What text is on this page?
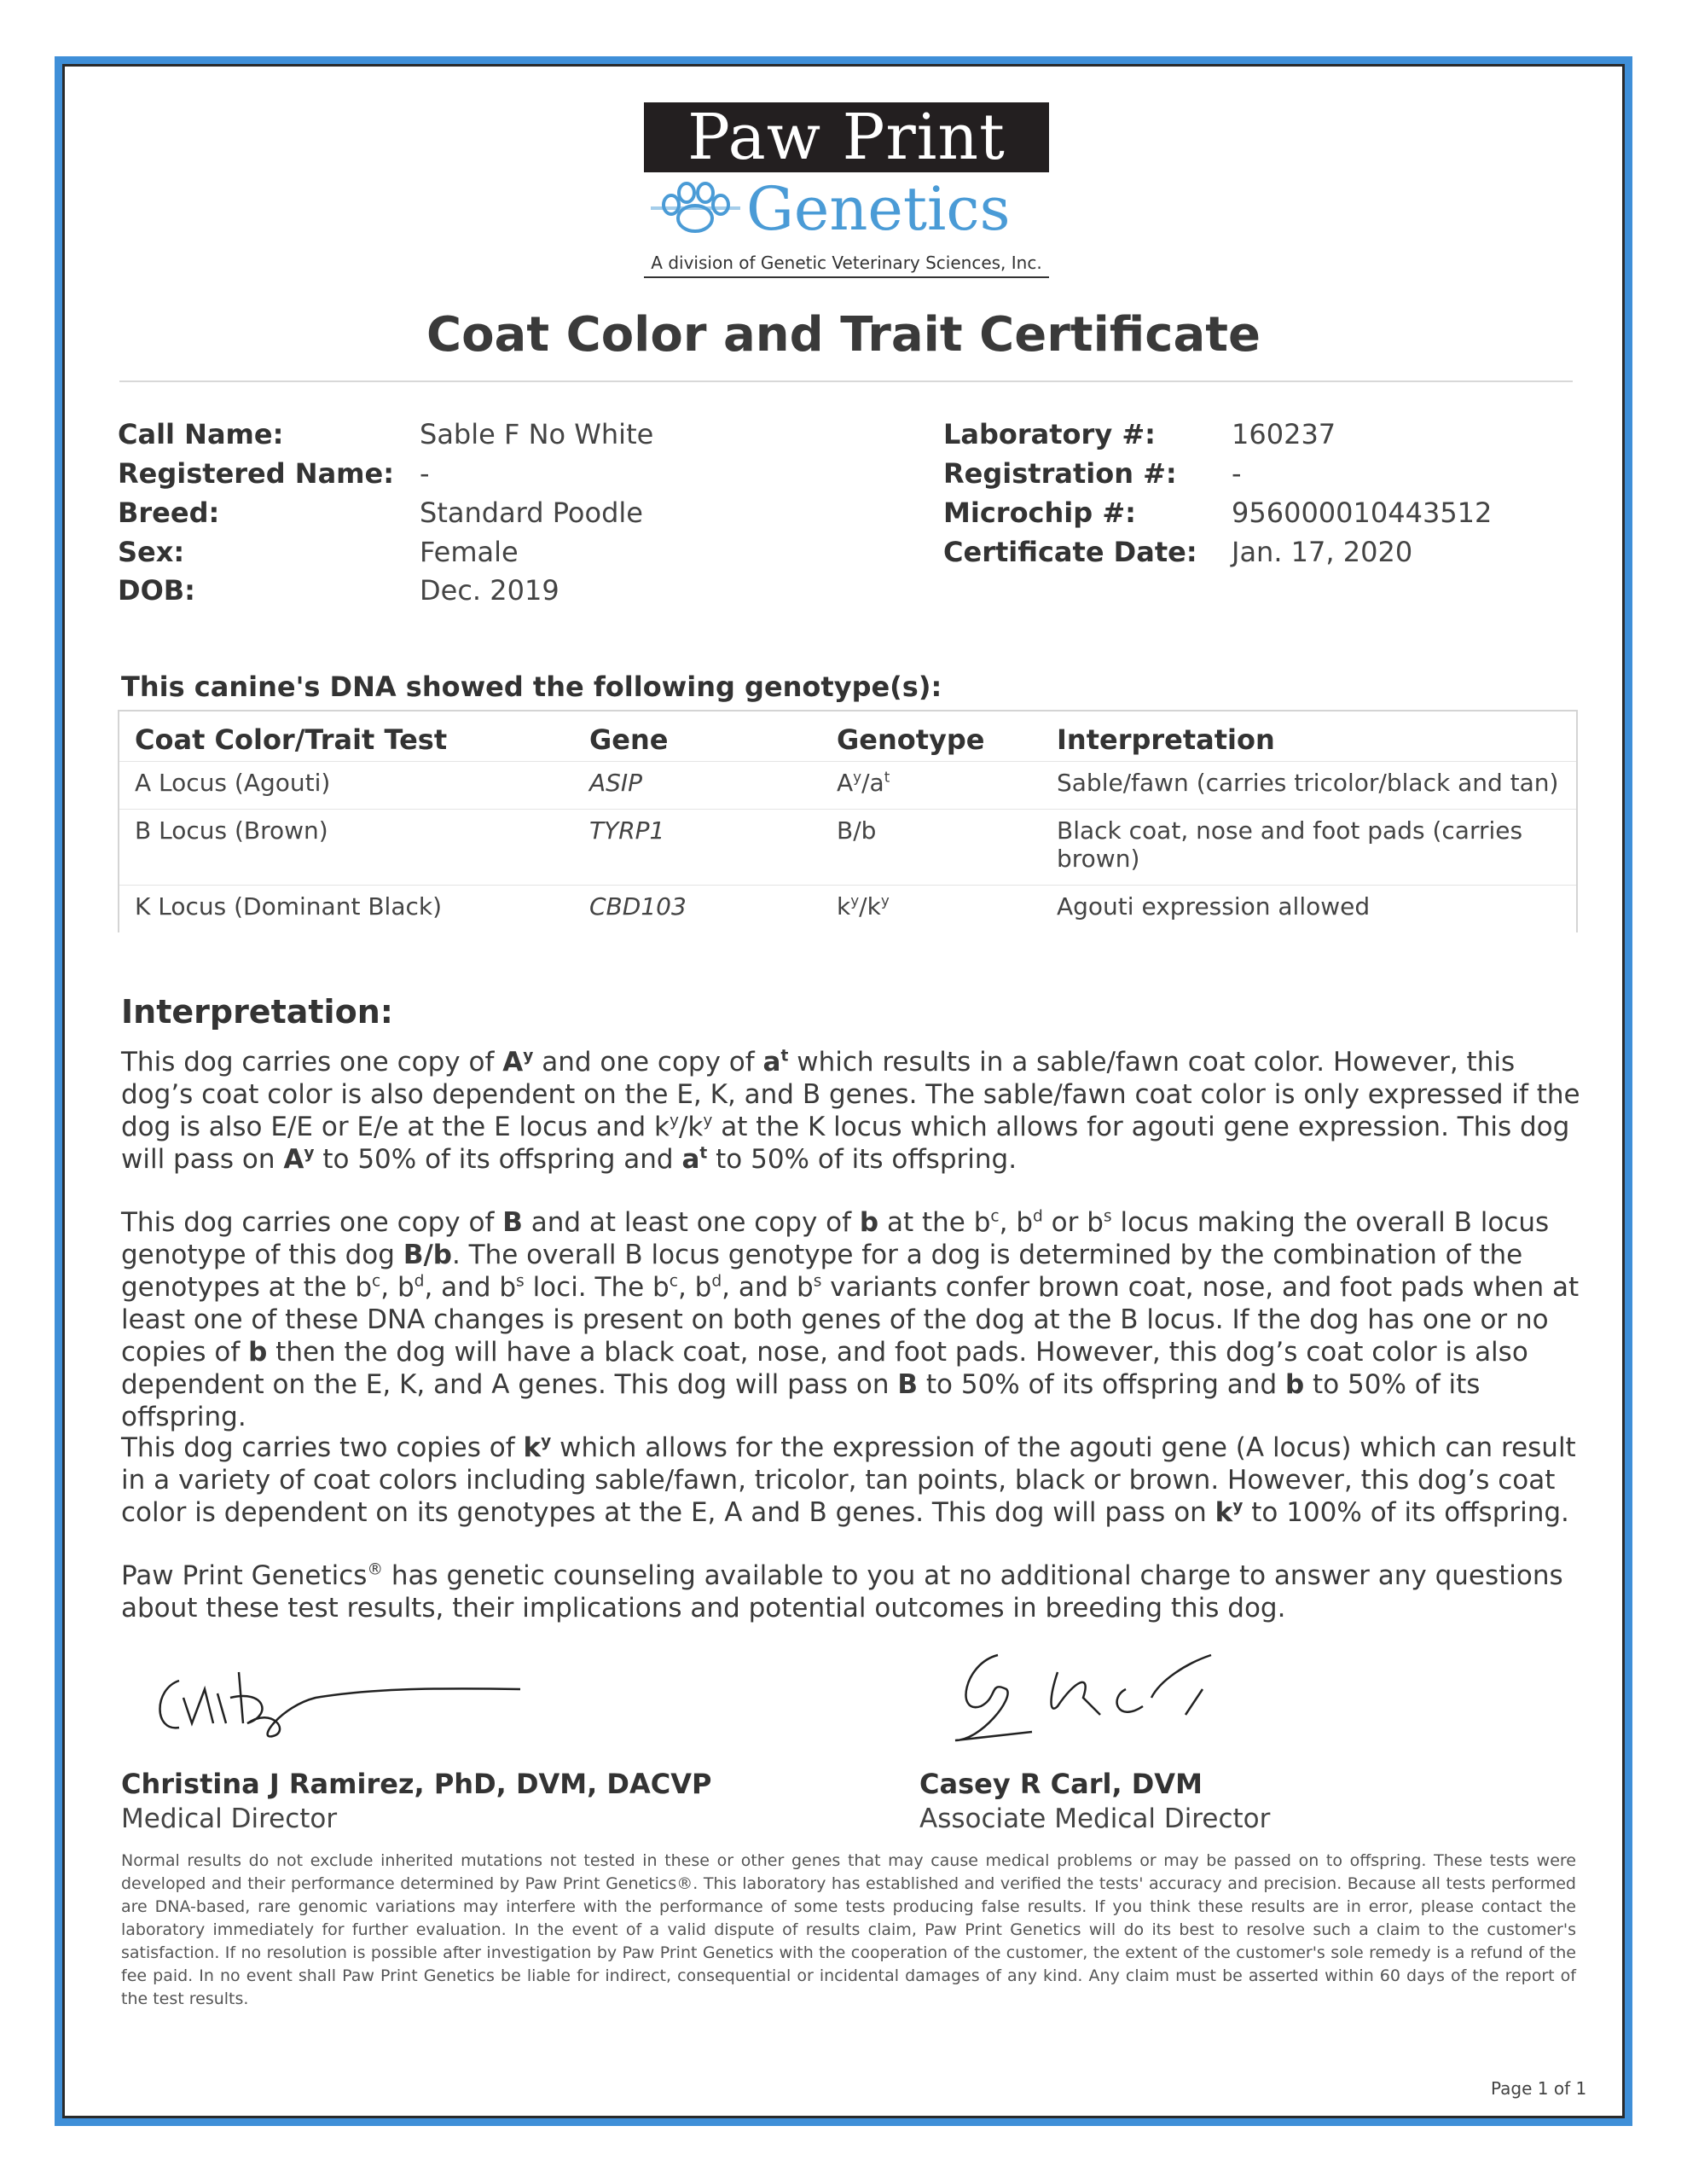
Paw Print
Genetics
A division of Genetic Veterinary Sciences, Inc.
Coat Color and Trait Certificate
Call Name:	Sable F No White
Registered Name: -
Breed:	Standard Poodle
Sex:	Female
DOB:	Dec. 2019
Laboratory #:	160237
Registration #: -
Microchip #:	956000010443512
Certificate Date: Jan. 17, 2020
This canine's DNA showed the following genotype(s):
Coat Color/Trait Test	Gene	Genotype	Interpretation
A Locus (Agouti)	ASIP	$A^y/a^t$	Sable/fawn (carries tricolor/black and tan)
B Locus (Brown)	TYRP1	B/b	Black coat, nose and foot pads (carries brown)
K Locus (Dominant Black)	CBD103	$k^y/k^y$	Agouti expression allowed
Interpretation:
This dog carries one copy of $A^y$ and one copy of $a^t$ which results in a sable/fawn coat color. However, this dog’s coat color is also dependent on the E, K, and B genes. The sable/fawn coat color is only expressed if the dog is also E/E or E/e at the E locus and $k^y/k^y$ at the K locus which allows for agouti gene expression. This dog will pass on $A^y$ to 50% of its offspring and $a^t$ to 50% of its offspring.
This dog carries one copy of B and at least one copy of b at the $b^c$, $b^d$ or $b^s$ locus making the overall B locus genotype of this dog B/b. The overall B locus genotype for a dog is determined by the combination of the genotypes at the $b^c$, $b^d$, and $b^s$ loci. The $b^c$, $b^d$, and $b^s$ variants confer brown coat, nose, and foot pads when at least one of these DNA changes is present on both genes of the dog at the B locus. If the dog has one or no copies of b then the dog will have a black coat, nose, and foot pads. However, this dog’s coat color is also dependent on the E, K, and A genes. This dog will pass on B to 50% of its offspring and b to 50% of its offspring.
This dog carries two copies of $k^y$ which allows for the expression of the agouti gene (A locus) which can result in a variety of coat colors including sable/fawn, tricolor, tan points, black or brown. However, this dog’s coat color is dependent on its genotypes at the E, A and B genes. This dog will pass on $k^y$ to 100% of its offspring.
Paw Print Genetics® has genetic counseling available to you at no additional charge to answer any questions about these test results, their implications and potential outcomes in breeding this dog.
Christina J Ramirez, PhD, DVM, DACVP
Medical Director
Casey R Carl, DVM
Associate Medical Director
Normal results do not exclude inherited mutations not tested in these or other genes that may cause medical problems or may be passed on to offspring. These tests were developed and their performance determined by Paw Print Genetics®. This laboratory has established and verified the tests' accuracy and precision. Because all tests performed are DNA-based, rare genomic variations may interfere with the performance of some tests producing false results. If you think these results are in error, please contact the laboratory immediately for further evaluation. In the event of a valid dispute of results claim, Paw Print Genetics will do its best to resolve such a claim to the customer's satisfaction. If no resolution is possible after investigation by Paw Print Genetics with the cooperation of the customer, the extent of the customer's sole remedy is a refund of the fee paid. In no event shall Paw Print Genetics be liable for indirect, consequential or incidental damages of any kind. Any claim must be asserted within 60 days of the report of the test results.
Page 1 of 1
